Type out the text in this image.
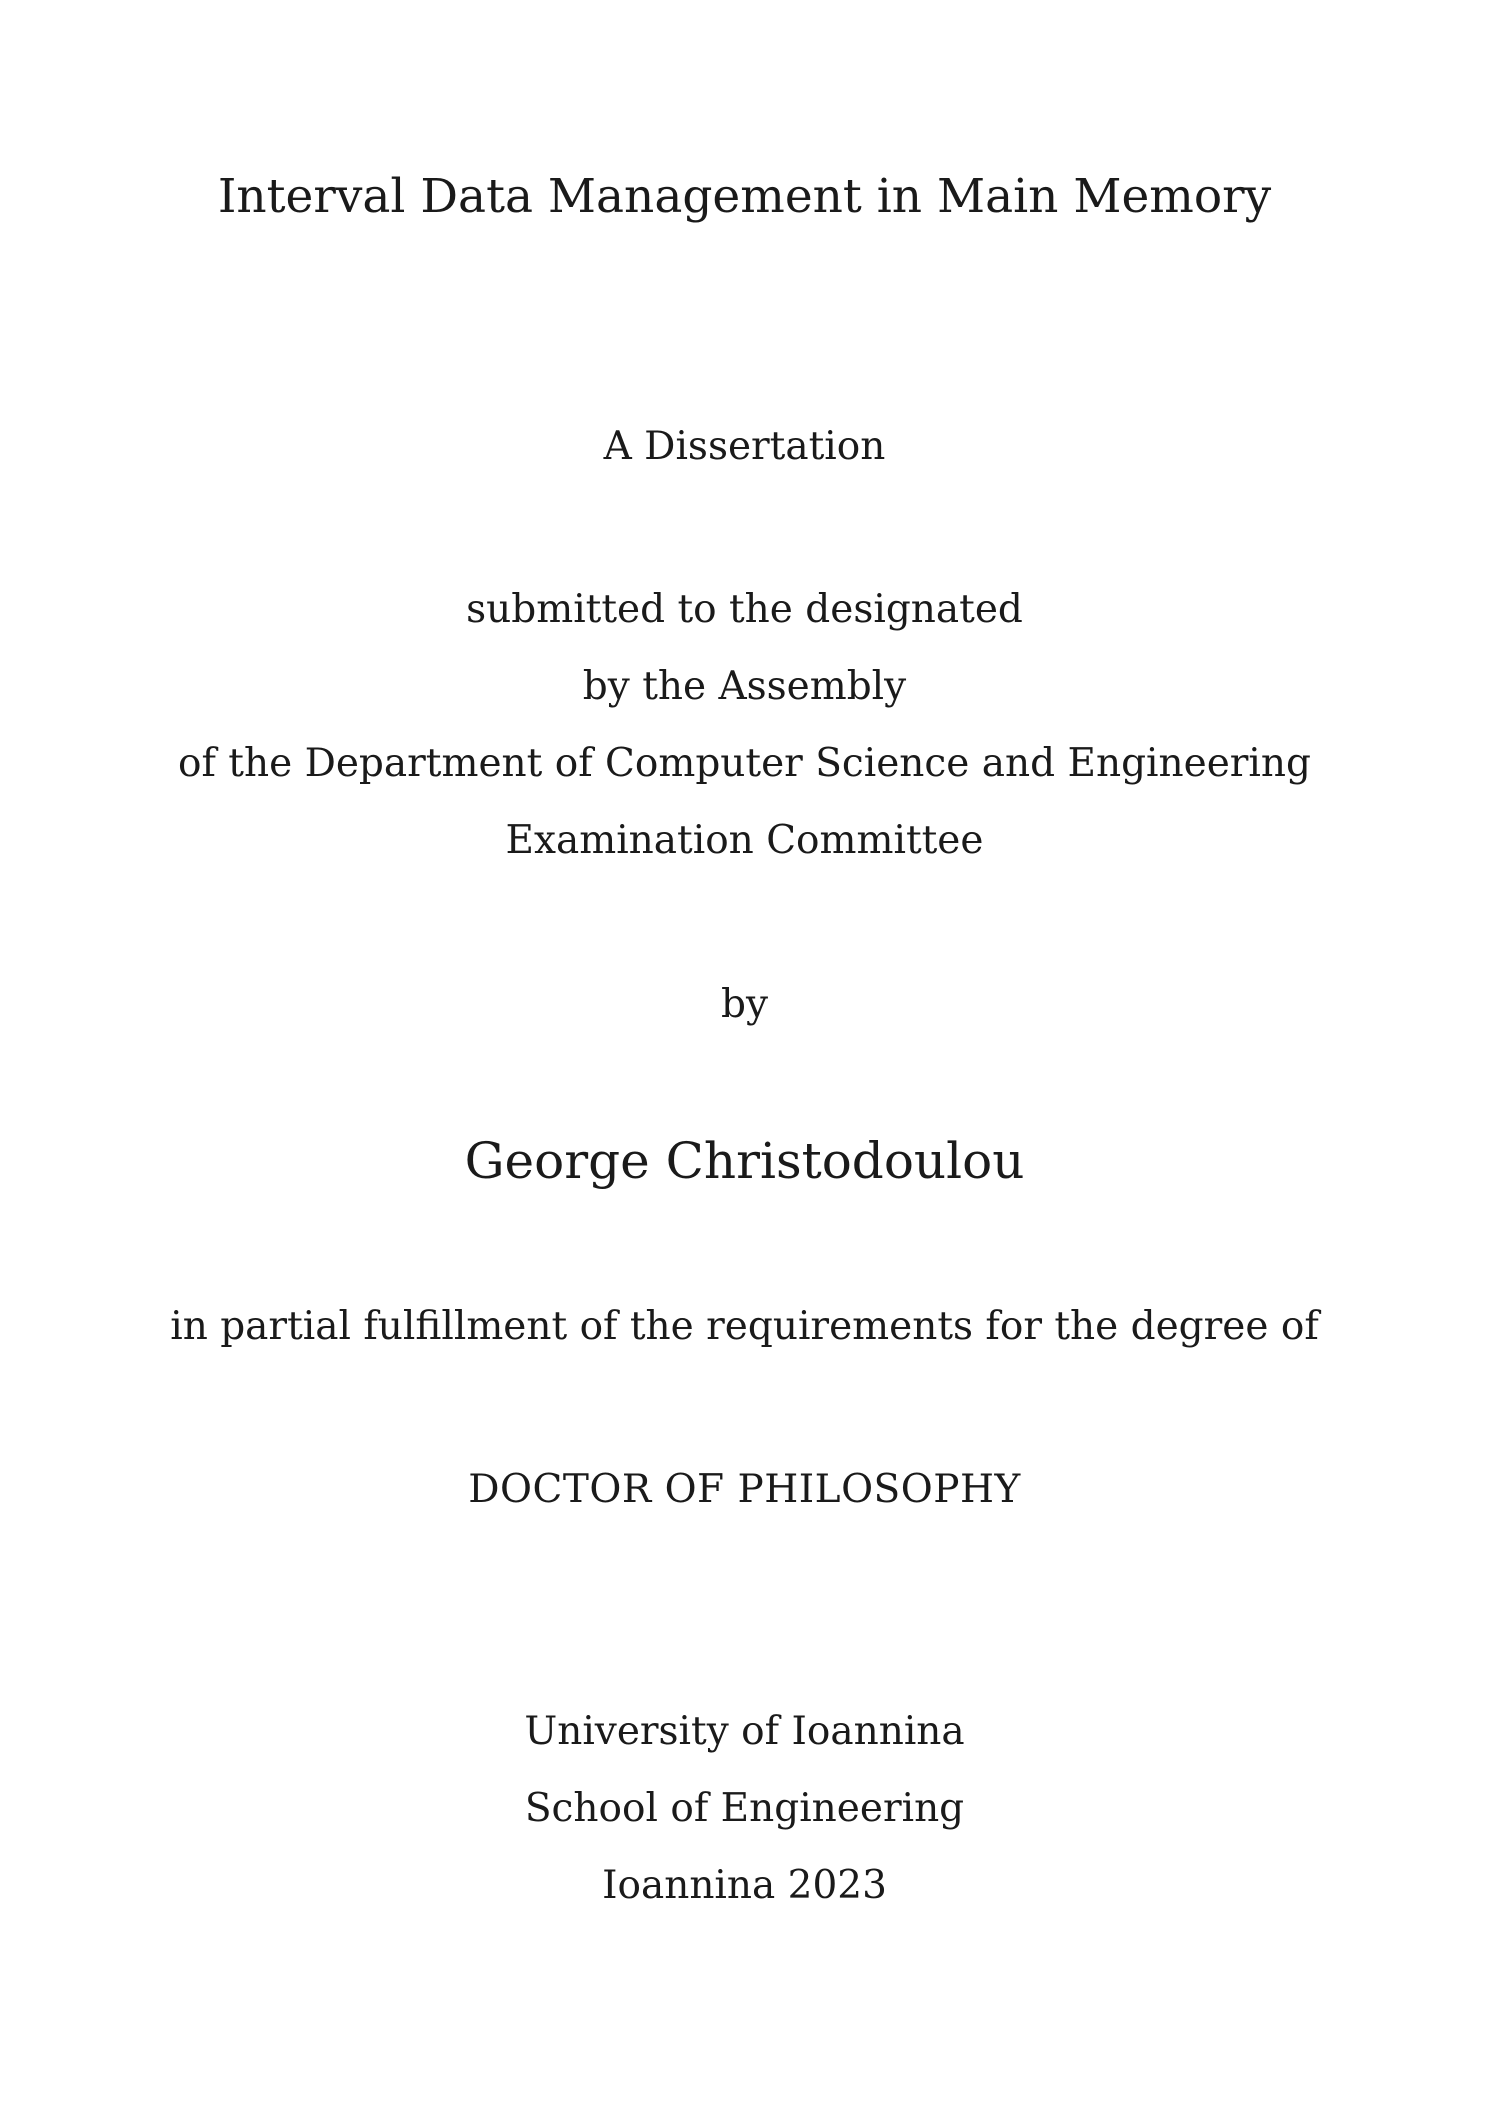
Interval Data Management in Main Memory
A Dissertation
submitted to the designated
by the Assembly
of the Department of Computer Science and Engineering
Examination Committee
by
George Christodoulou
in partial fulfillment of the requirements for the degree of
DOCTOR OF PHILOSOPHY
University of Ioannina
School of Engineering
Ioannina 2023
